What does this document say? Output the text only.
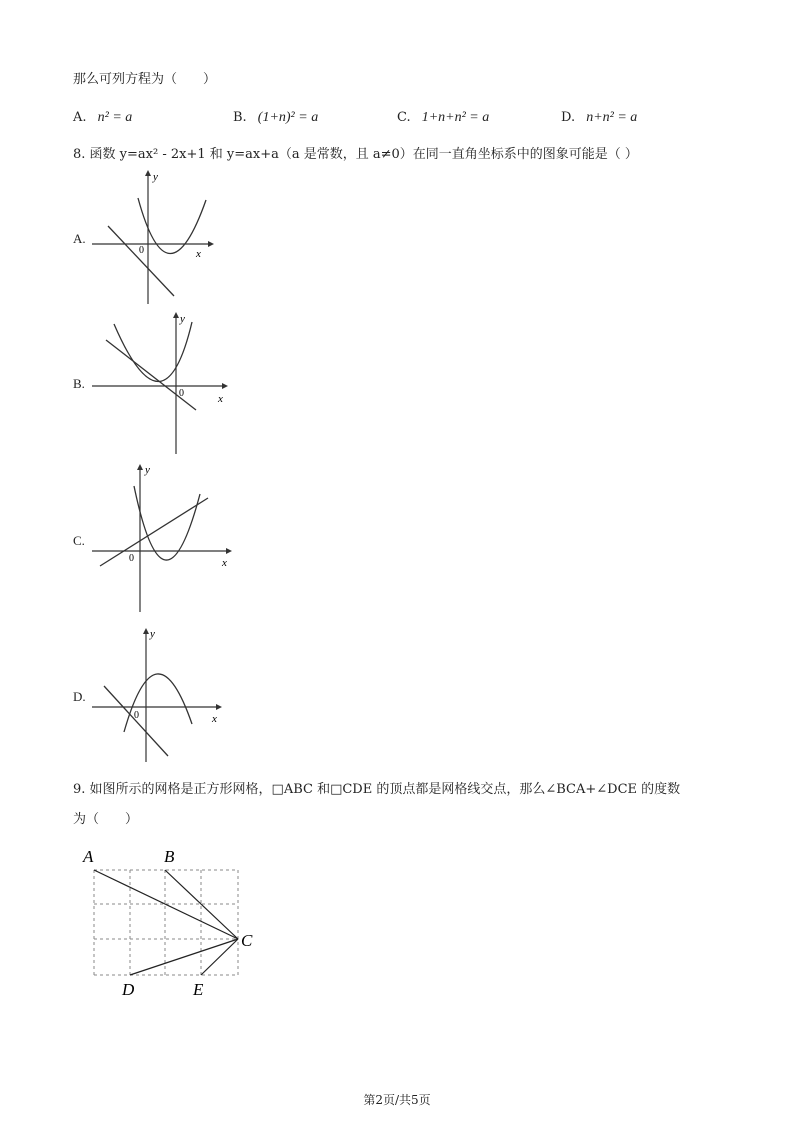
那么可列方程为（　　）
A. n² = a	B. (1+n)² = a	C. 1+n+n² = a	D. n+n² = a
8. 函数 y=ax² - 2x+1 和 y=ax+a（a 是常数，且 a≠0）在同一直角坐标系中的图象可能是（ ）
A.
0	x
y
B.
0	x
y
C.
0	x
y
D.
0	x
y
9. 如图所示的网格是正方形网格，□ABC 和□CDE 的顶点都是网格线交点，那么∠BCA+∠DCE 的度数
为（　　）
A	B
C
D	E
第2页/共5页
